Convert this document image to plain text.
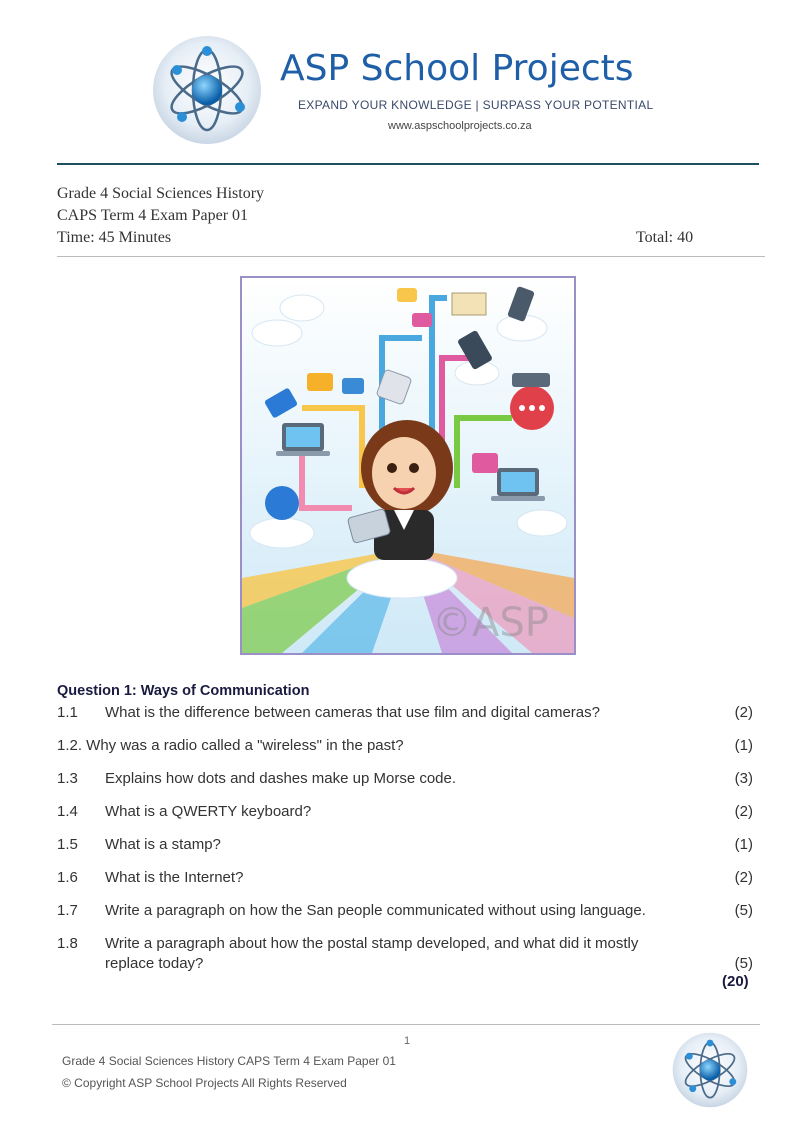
ASP School Projects
EXPAND YOUR KNOWLEDGE | SURPASS YOUR POTENTIAL
www.aspschoolprojects.co.za
Grade 4 Social Sciences History
CAPS Term 4 Exam Paper 01
Time: 45 Minutes	Total: 40
©ASP
Question 1: Ways of Communication
1.1 What is the difference between cameras that use film and digital cameras?	(2)
1.2. Why was a radio called a "wireless" in the past?	(1)
1.3 Explains how dots and dashes make up Morse code.	(3)
1.4 What is a QWERTY keyboard?	(2)
1.5 What is a stamp?	(1)
1.6 What is the Internet?	(2)
1.7 Write a paragraph on how the San people communicated without using language.	(5)
1.8 Write a paragraph about how the postal stamp developed, and what did it mostly
replace today?	(5)
(20)
1
Grade 4 Social Sciences History CAPS Term 4 Exam Paper 01
© Copyright ASP School Projects All Rights Reserved
